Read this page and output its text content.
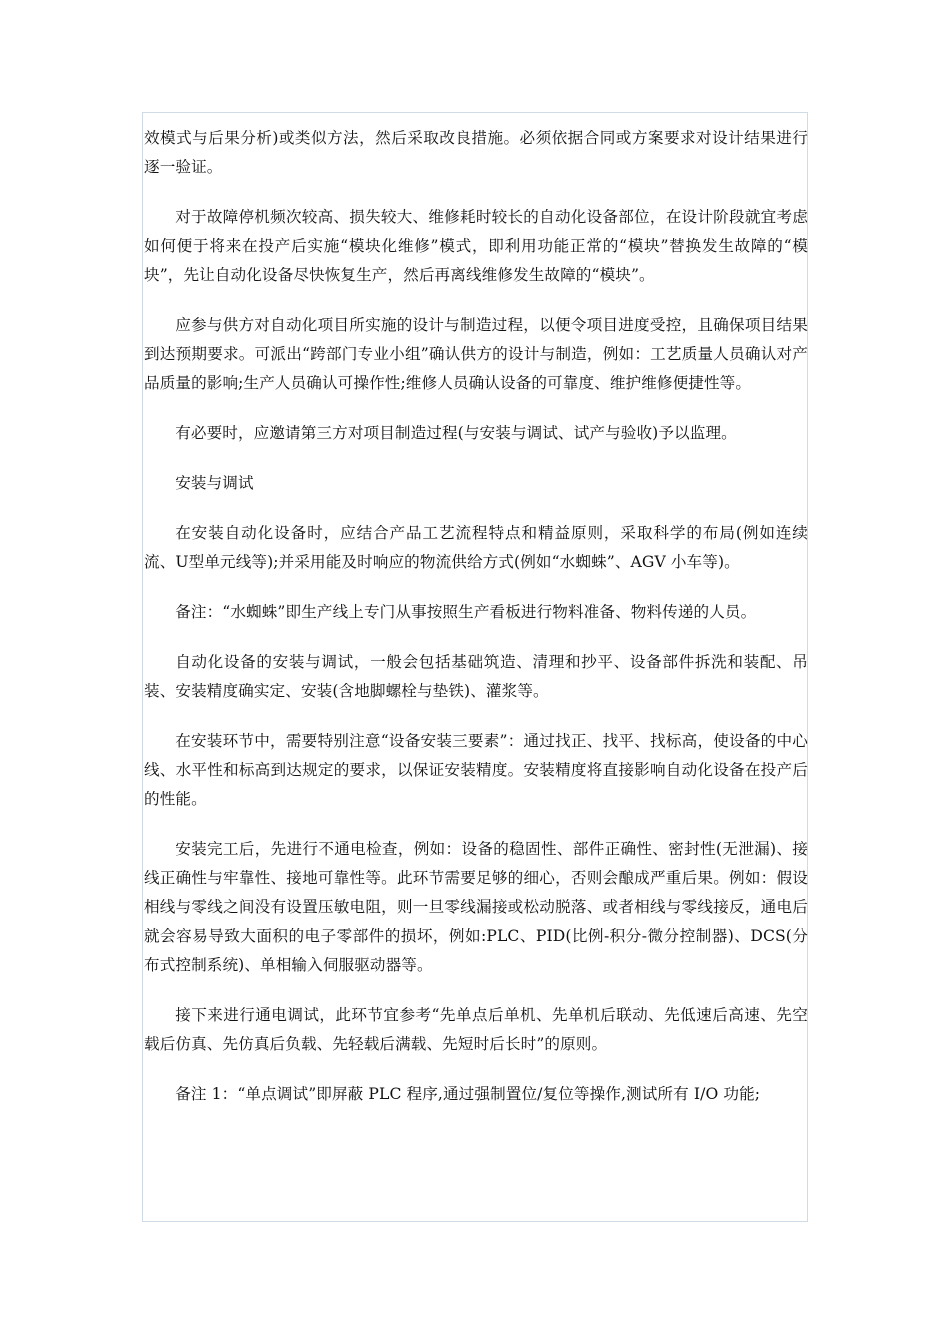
效模式与后果分析)或类似方法，然后采取改良措施。必须依据合同或方案要求对设计结果进行逐一验证。

对于故障停机频次较高、损失较大、维修耗时较长的自动化设备部位，在设计阶段就宜考虑如何便于将来在投产后实施“模块化维修”模式，即利用功能正常的“模块”替换发生故障的“模块”，先让自动化设备尽快恢复生产，然后再离线维修发生故障的“模块”。

应参与供方对自动化项目所实施的设计与制造过程，以便令项目进度受控，且确保项目结果到达预期要求。可派出“跨部门专业小组”确认供方的设计与制造，例如：工艺质量人员确认对产品质量的影响;生产人员确认可操作性;维修人员确认设备的可靠度、维护维修便捷性等。

有必要时，应邀请第三方对项目制造过程(与安装与调试、试产与验收)予以监理。

安装与调试

在安装自动化设备时，应结合产品工艺流程特点和精益原则，采取科学的布局(例如连续流、U型单元线等);并采用能及时响应的物流供给方式(例如“水蜘蛛”、AGV 小车等)。

备注：“水蜘蛛”即生产线上专门从事按照生产看板进行物料准备、物料传递的人员。

自动化设备的安装与调试，一般会包括基础筑造、清理和抄平、设备部件拆洗和装配、吊装、安装精度确实定、安装(含地脚螺栓与垫铁)、灌浆等。

在安装环节中，需要特别注意“设备安装三要素”：通过找正、找平、找标高，使设备的中心线、水平性和标高到达规定的要求，以保证安装精度。安装精度将直接影响自动化设备在投产后的性能。

安装完工后，先进行不通电检查，例如：设备的稳固性、部件正确性、密封性(无泄漏)、接线正确性与牢靠性、接地可靠性等。此环节需要足够的细心，否则会酿成严重后果。例如：假设相线与零线之间没有设置压敏电阻，则一旦零线漏接或松动脱落、或者相线与零线接反，通电后就会容易导致大面积的电子零部件的损坏，例如:PLC、PID(比例-积分-微分控制器)、DCS(分布式控制系统)、单相输入伺服驱动器等。

接下来进行通电调试，此环节宜参考“先单点后单机、先单机后联动、先低速后高速、先空载后仿真、先仿真后负载、先轻载后满载、先短时后长时”的原则。

备注 1：“单点调试”即屏蔽 PLC 程序,通过强制置位/复位等操作,测试所有 I/O 功能;
